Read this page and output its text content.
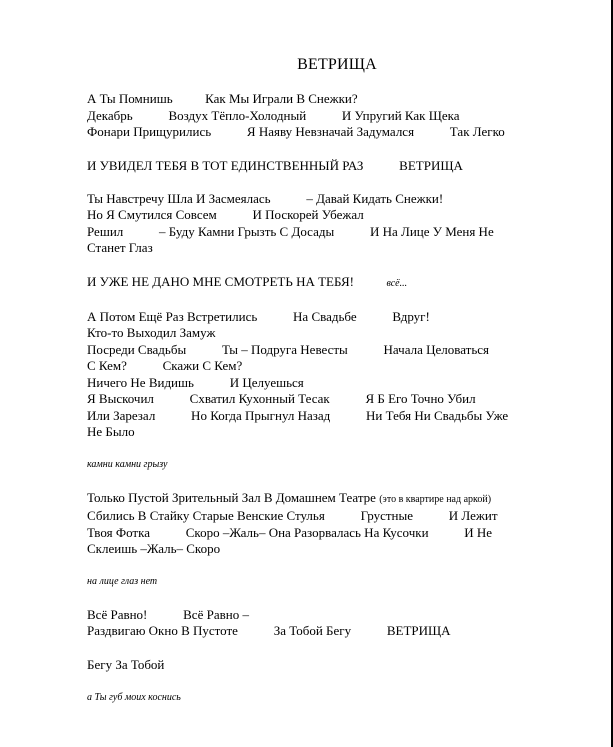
ВЕТРИЩА

А Ты Помнишь          Как Мы Играли В Снежки?

Декабрь           Воздух Тёпло-Холодный           И Упругий Как Щека

Фонари Прищурились           Я Наяву Невзначай Задумался           Так Легко

И УВИДЕЛ ТЕБЯ В ТОТ ЕДИНСТВЕННЫЙ РАЗ           ВЕТРИЩА

Ты Навстречу Шла И Засмеялась           – Давай Кидать Снежки!

Но Я Смутился Совсем           И Поскорей Убежал

Решил           – Буду Камни Грызть С Досады           И На Лице У Меня Не

Станет Глаз

И УЖЕ НЕ ДАНО МНЕ СМОТРЕТЬ НА ТЕБЯ!	всё...

А Потом Ещё Раз Встретились           На Свадьбе           Вдруг!

Кто-то Выходил Замуж

Посреди Свадьбы           Ты – Подруга Невесты           Начала Целоваться

С Кем?           Скажи С Кем?

Ничего Не Видишь           И Целуешься

Я Выскочил           Схватил Кухонный Тесак           Я Б Его Точно Убил

Или Зарезал           Но Когда Прыгнул Назад           Ни Тебя Ни Свадьбы Уже

Не Было

камни камни грызу

Только Пустой Зрительный Зал В Домашнем Театре (это в квартире над аркой)

Сбились В Стайку Старые Венские Стулья           Грустные           И Лежит

Твоя Фотка           Скоро –Жаль– Она Разорвалась На Кусочки           И Не

Склеишь –Жаль– Скоро

на лице глаз нет

Всё Равно!           Всё Равно –

Раздвигаю Окно В Пустоте           За Тобой Бегу           ВЕТРИЩА

Бегу За Тобой

а Ты губ моих коснись
